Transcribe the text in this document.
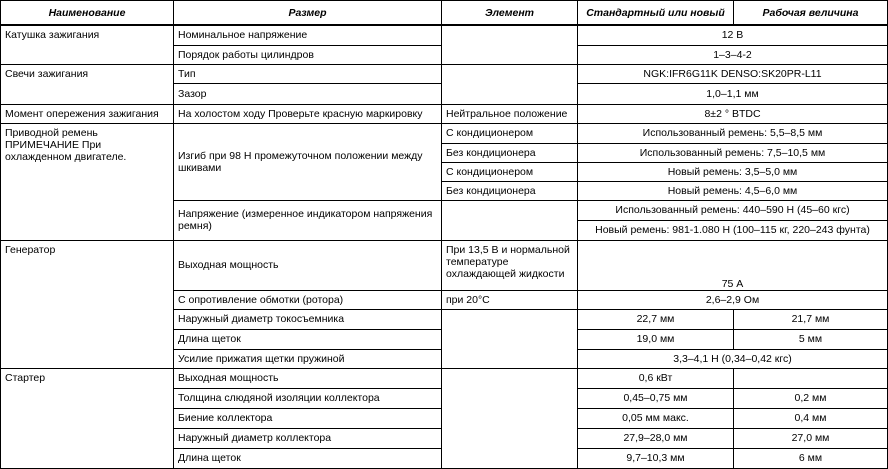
Наименование	Размер	Элемент	Стандартный или новый	Рабочая величина
Катушка зажигания	Номинальное напряжение		12 В	
	Порядок работы цилиндров		1–3–4-2	
Свечи зажигания	Тип		NGK:IFR6G11K DENSO:SK20PR-L11	
	Зазор		1,0–1,1 мм	
Момент опережения зажигания	На холостом ходу Проверьте красную маркировку	Нейтральное положение	8±2 ° BTDC	
Приводной ремень ПРИМЕЧАНИЕ При охлажденном двигателе.	Изгиб при 98 Н промежуточном положении между шкивами	С кондиционером	Использованный ремень: 5,5–8,5 мм	
		Без кондиционера	Использованный ремень: 7,5–10,5 мм	
		С кондиционером	Новый ремень: 3,5–5,0 мм	
		Без кондиционера	Новый ремень: 4,5–6,0 мм	
	Напряжение (измеренное индикатором напряжения ремня)		Использованный ремень: 440–590 Н (45–60 кгс)	
			Новый ремень: 981-1.080 Н (100–115 кг, 220–243 фунта)	
Генератор	Выходная мощность	При 13,5 В и нормальной температуре охлаждающей жидкости	75 А	
	С опротивление обмотки (ротора)	при 20°С	2,6–2,9 Ом	
	Наружный диаметр токосъемника		22,7 мм	21,7 мм
	Длина щеток		19,0 мм	5 мм
	Усилие прижатия щетки пружиной		3,3–4,1 Н (0,34–0,42 кгс)	
Стартер	Выходная мощность		0,6 кВт	
	Толщина слюдяной изоляции коллектора		0,45–0,75 мм	0,2 мм
	Биение коллектора		0,05 мм макс.	0,4 мм
	Наружный диаметр коллектора		27,9–28,0 мм	27,0 мм
	Длина щеток		9,7–10,3 мм	6 мм
